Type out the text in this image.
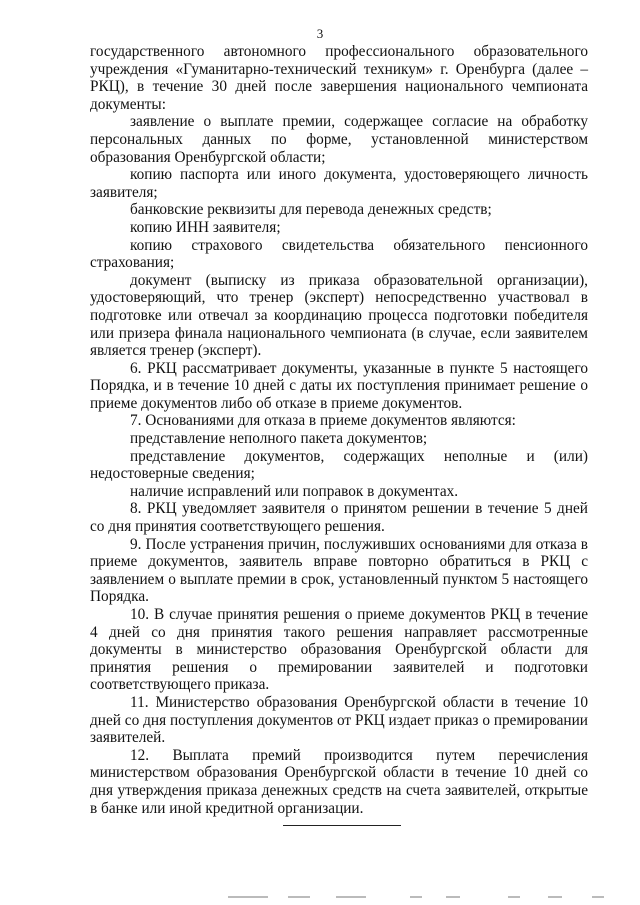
3

государственного автономного профессионального образовательного учреждения «Гуманитарно-технический техникум» г. Оренбурга (далее – РКЦ), в течение 30 дней после завершения национального чемпионата документы:

заявление о выплате премии, содержащее согласие на обработку персональных данных по форме, установленной министерством образования Оренбургской области;

копию паспорта или иного документа, удостоверяющего личность заявителя;

банковские реквизиты для перевода денежных средств;

копию ИНН заявителя;

копию страхового свидетельства обязательного пенсионного страхования;

документ (выписку из приказа образовательной организации), удостоверяющий, что тренер (эксперт) непосредственно участвовал в подготовке или отвечал за координацию процесса подготовки победителя или призера финала национального чемпионата (в случае, если заявителем является тренер (эксперт).

6. РКЦ рассматривает документы, указанные в пункте 5 настоящего Порядка, и в течение 10 дней с даты их поступления принимает решение о приеме документов либо об отказе в приеме документов.

7. Основаниями для отказа в приеме документов являются:

представление неполного пакета документов;

представление документов, содержащих неполные и (или) недостоверные сведения;

наличие исправлений или поправок в документах.

8. РКЦ уведомляет заявителя о принятом решении в течение 5 дней со дня принятия соответствующего решения.

9. После устранения причин, послуживших основаниями для отказа в приеме документов, заявитель вправе повторно обратиться в РКЦ с заявлением о выплате премии в срок, установленный пунктом 5 настоящего Порядка.

10. В случае принятия решения о приеме документов РКЦ в течение 4 дней со дня принятия такого решения направляет рассмотренные документы в министерство образования Оренбургской области для принятия решения о премировании заявителей и подготовки соответствующего приказа.

11. Министерство образования Оренбургской области в течение 10 дней со дня поступления документов от РКЦ издает приказ о премировании заявителей.

12. Выплата премий производится путем перечисления министерством образования Оренбургской области в течение 10 дней со дня утверждения приказа денежных средств на счета заявителей, открытые в банке или иной кредитной организации.
